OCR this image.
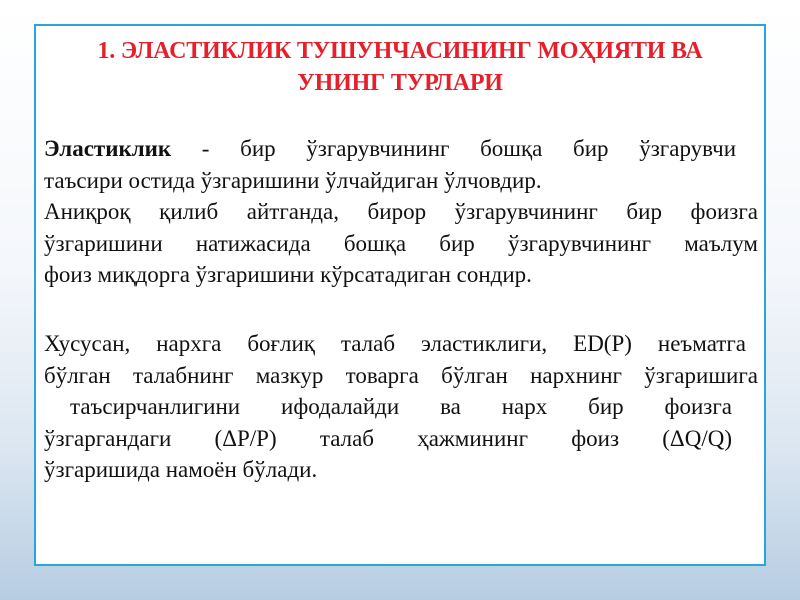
1. ЭЛАСТИКЛИК ТУШУНЧАСИНИНГ МОҲИЯТИ ВА
УНИНГ ТУРЛАРИ
Эластиклик - бир ўзгарувчининг бошқа бир ўзгарувчи
таъсири остида ўзгаришини ўлчайдиган ўлчовдир.
Аниқроқ қилиб айтганда, бирор ўзгарувчининг бир фоизга
ўзгаришини натижасида бошқа бир ўзгарувчининг маълум
фоиз миқдорга ўзгаришини кўрсатадиган сондир.
Хусусан, нархга боғлиқ талаб эластиклиги, ED(P) неъматга
бўлган талабнинг мазкур товарга бўлган нархнинг ўзгаришига
таъсирчанлигини ифодалайди ва нарх бир фоизга
ўзгаргандаги (ΔP/P) талаб ҳажмининг фоиз (ΔQ/Q)
ўзгаришида намоён бўлади.
